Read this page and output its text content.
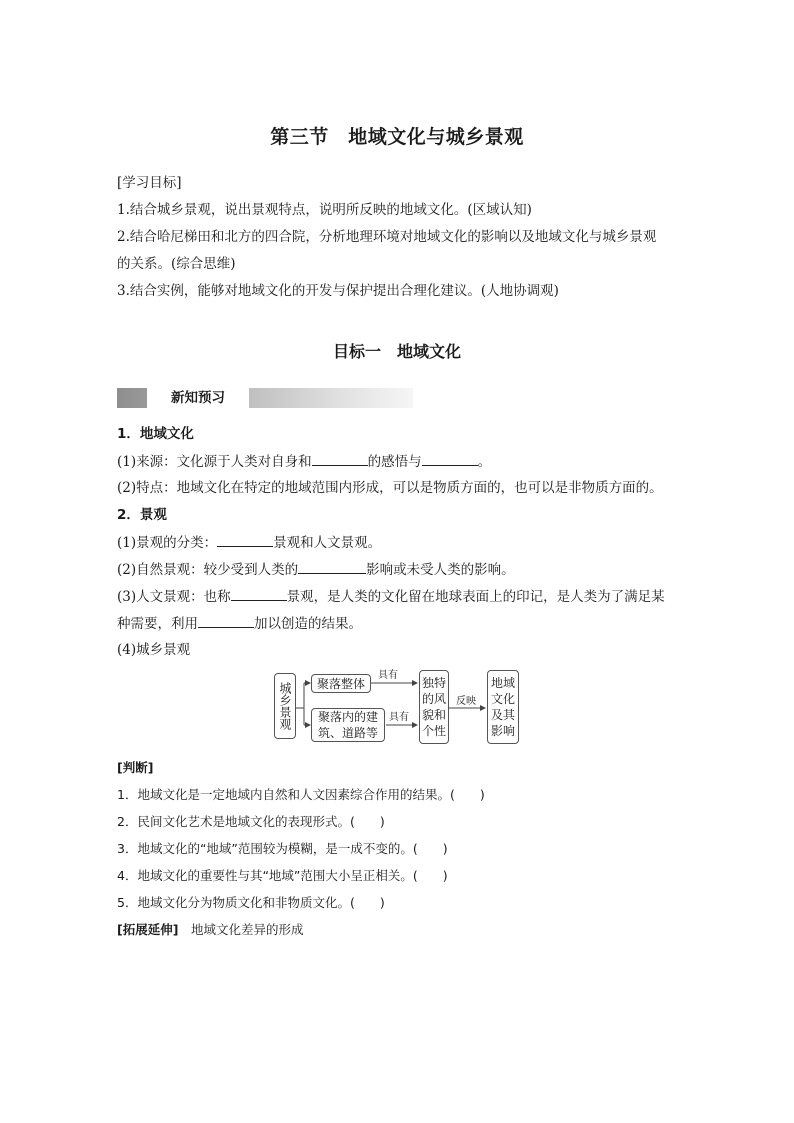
第三节　地域文化与城乡景观
[学习目标]
1.结合城乡景观，说出景观特点，说明所反映的地域文化。(区域认知)
2.结合哈尼梯田和北方的四合院，分析地理环境对地域文化的影响以及地域文化与城乡景观
的关系。(综合思维)
3.结合实例，能够对地域文化的开发与保护提出合理化建议。(人地协调观)
目标一　地域文化
新知预习
1．地域文化
(1)来源：文化源于人类对自身和	的感悟与	。
(2)特点：地域文化在特定的地域范围内形成，可以是物质方面的，也可以是非物质方面的。
2．景观
(1)景观的分类：	景观和人文景观。
(2)自然景观：较少受到人类的	影响或未受人类的影响。
(3)人文景观：也称	景观，是人类的文化留在地球表面上的印记，是人类为了满足某
种需要，利用	加以创造的结果。
(4)城乡景观
城乡景观	聚落整体
聚落内的建筑、道路等
具有
具有
独特的风貌和个性
反映
地域文化及其影响
[判断]
1．地域文化是一定地域内自然和人文因素综合作用的结果。(　　)
2．民间文化艺术是地域文化的表现形式。(　　)
3．地域文化的“地域”范围较为模糊，是一成不变的。(　　)
4．地域文化的重要性与其“地域”范围大小呈正相关。(　　)
5．地域文化分为物质文化和非物质文化。(　　)
[拓展延伸]　 地域文化差异的形成
